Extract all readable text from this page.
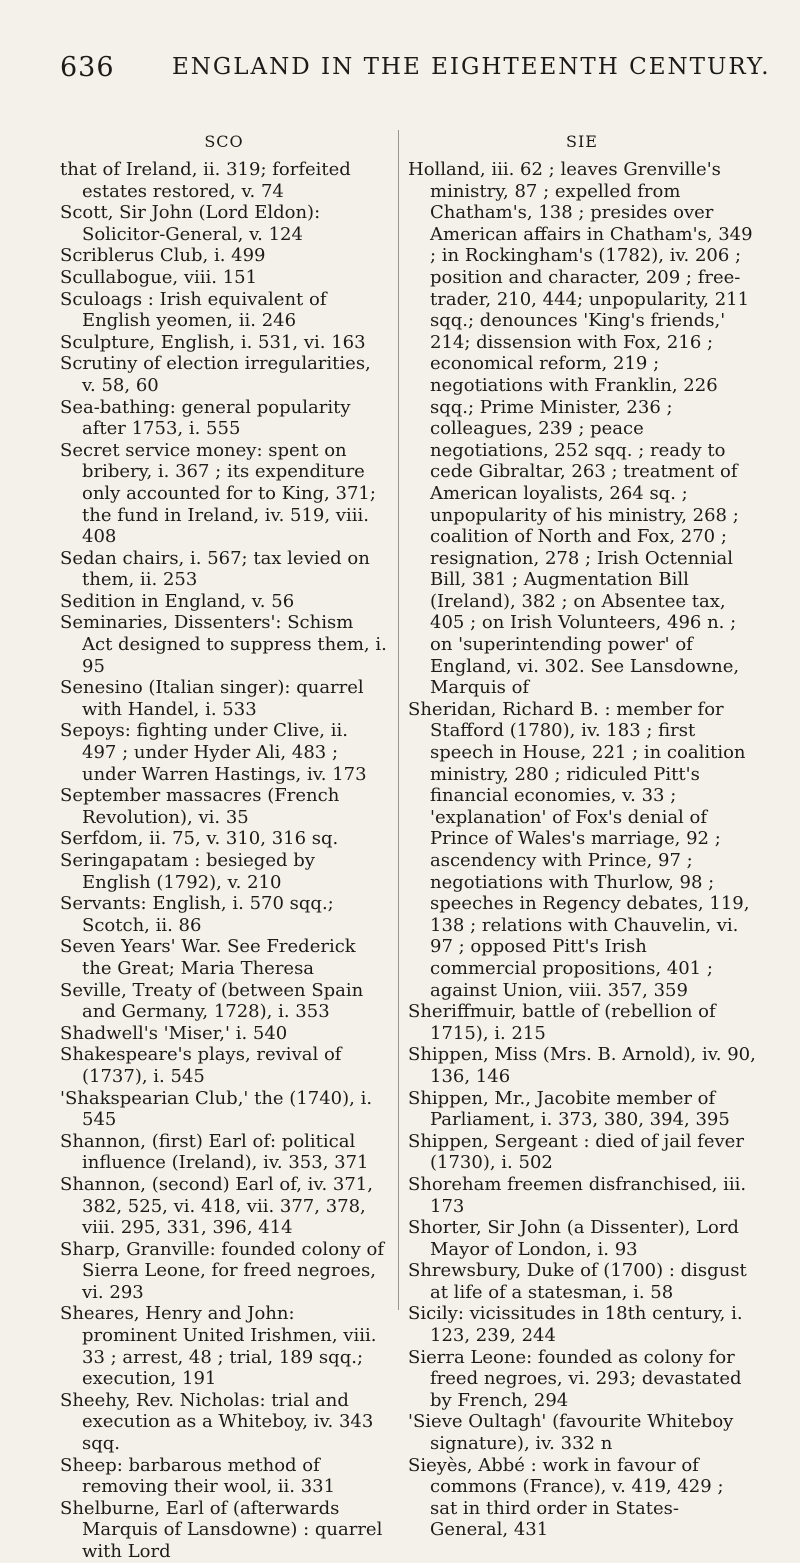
636 ENGLAND IN THE EIGHTEENTH CENTURY.
SCO

that of Ireland, ii. 319; forfeited estates restored, v. 74

Scott, Sir John (Lord Eldon): Solicitor-General, v. 124

Scriblerus Club, i. 499

Scullabogue, viii. 151

Sculoags : Irish equivalent of English yeomen, ii. 246

Sculpture, English, i. 531, vi. 163

Scrutiny of election irregularities, v. 58, 60

Sea-bathing: general popularity after 1753, i. 555

Secret service money: spent on bribery, i. 367 ; its expenditure only accounted for to King, 371; the fund in Ireland, iv. 519, viii. 408

Sedan chairs, i. 567; tax levied on them, ii. 253

Sedition in England, v. 56

Seminaries, Dissenters': Schism Act designed to suppress them, i. 95

Senesino (Italian singer): quarrel with Handel, i. 533

Sepoys: fighting under Clive, ii. 497 ; under Hyder Ali, 483 ; under Warren Hastings, iv. 173

September massacres (French Revolution), vi. 35

Serfdom, ii. 75, v. 310, 316 sq.

Seringapatam : besieged by English (1792), v. 210

Servants: English, i. 570 sqq.; Scotch, ii. 86

Seven Years' War. See Frederick the Great; Maria Theresa

Seville, Treaty of (between Spain and Germany, 1728), i. 353

Shadwell's 'Miser,' i. 540

Shakespeare's plays, revival of (1737), i. 545

'Shakspearian Club,' the (1740), i. 545

Shannon, (first) Earl of: political influence (Ireland), iv. 353, 371

Shannon, (second) Earl of, iv. 371, 382, 525, vi. 418, vii. 377, 378, viii. 295, 331, 396, 414

Sharp, Granville: founded colony of Sierra Leone, for freed negroes, vi. 293

Sheares, Henry and John: prominent United Irishmen, viii. 33 ; arrest, 48 ; trial, 189 sqq.; execution, 191

Sheehy, Rev. Nicholas: trial and execution as a Whiteboy, iv. 343 sqq.

Sheep: barbarous method of removing their wool, ii. 331

Shelburne, Earl of (afterwards Marquis of Lansdowne) : quarrel with Lord

SIE

Holland, iii. 62 ; leaves Grenville's ministry, 87 ; expelled from Chatham's, 138 ; presides over American affairs in Chatham's, 349 ; in Rockingham's (1782), iv. 206 ; position and character, 209 ; free-trader, 210, 444; unpopularity, 211 sqq.; denounces 'King's friends,' 214; dissension with Fox, 216 ; economical reform, 219 ; negotiations with Franklin, 226 sqq.; Prime Minister, 236 ; colleagues, 239 ; peace negotiations, 252 sqq. ; ready to cede Gibraltar, 263 ; treatment of American loyalists, 264 sq. ; unpopularity of his ministry, 268 ; coalition of North and Fox, 270 ; resignation, 278 ; Irish Octennial Bill, 381 ; Augmentation Bill (Ireland), 382 ; on Absentee tax, 405 ; on Irish Volunteers, 496 n. ; on 'superintending power' of England, vi. 302. See Lansdowne, Marquis of

Sheridan, Richard B. : member for Stafford (1780), iv. 183 ; first speech in House, 221 ; in coalition ministry, 280 ; ridiculed Pitt's financial economies, v. 33 ; 'explanation' of Fox's denial of Prince of Wales's marriage, 92 ; ascendency with Prince, 97 ; negotiations with Thurlow, 98 ; speeches in Regency debates, 119, 138 ; relations with Chauvelin, vi. 97 ; opposed Pitt's Irish commercial propositions, 401 ; against Union, viii. 357, 359

Sheriffmuir, battle of (rebellion of 1715), i. 215

Shippen, Miss (Mrs. B. Arnold), iv. 90, 136, 146

Shippen, Mr., Jacobite member of Parliament, i. 373, 380, 394, 395

Shippen, Sergeant : died of jail fever (1730), i. 502

Shoreham freemen disfranchised, iii. 173

Shorter, Sir John (a Dissenter), Lord Mayor of London, i. 93

Shrewsbury, Duke of (1700) : disgust at life of a statesman, i. 58

Sicily: vicissitudes in 18th century, i. 123, 239, 244

Sierra Leone: founded as colony for freed negroes, vi. 293; devastated by French, 294

'Sieve Oultagh' (favourite Whiteboy signature), iv. 332 n

Sieyès, Abbé : work in favour of commons (France), v. 419, 429 ; sat in third order in States-General, 431
